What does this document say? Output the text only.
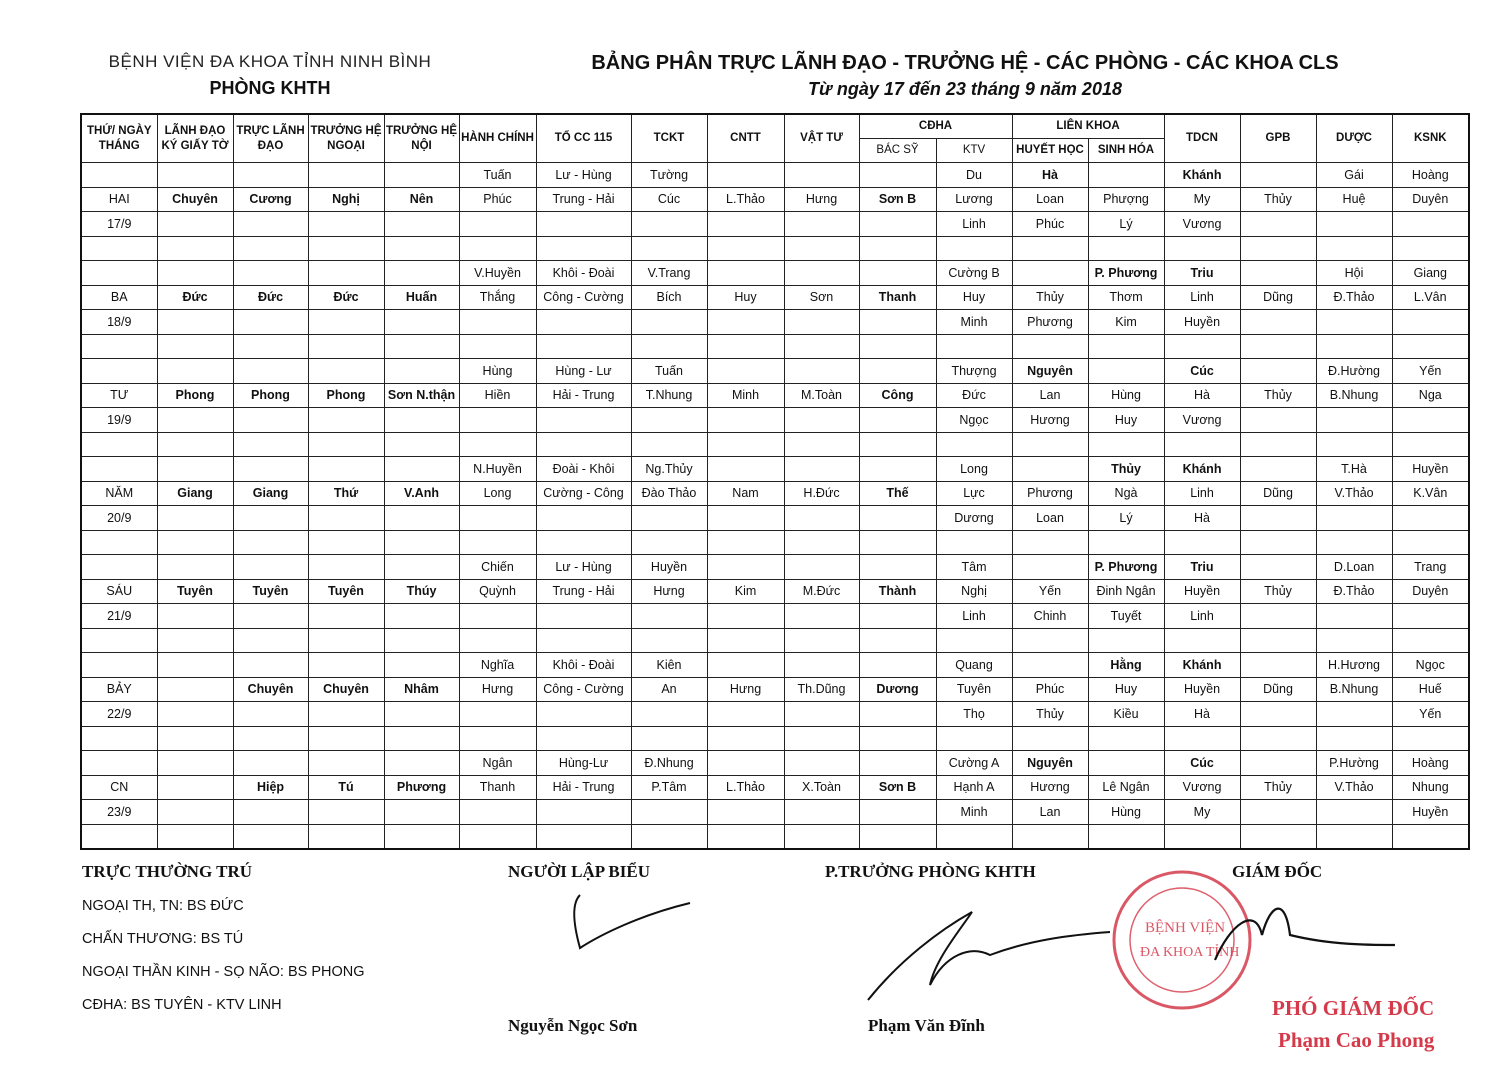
BỆNH VIỆN ĐA KHOA TỈNH NINH BÌNH
PHÒNG KHTH
BẢNG PHÂN TRỰC LÃNH ĐẠO - TRƯỞNG HỆ - CÁC PHÒNG - CÁC KHOA CLS
Từ ngày 17 đến 23 tháng 9 năm 2018
THỨ/ NGÀY THÁNG	LÃNH ĐẠO KÝ GIẤY TỜ	TRỰC LÃNH ĐẠO	TRƯỞNG HỆ NGOẠI	TRƯỞNG HỆ NỘI	HÀNH CHÍNH	TỔ CC 115	TCKT	CNTT	VẬT TƯ	CĐHA		LIÊN KHOA		TDCN	GPB	DƯỢC	KSNK
										BÁC SỸ	KTV	HUYẾT HỌC	SINH HÓA				
					Tuấn	Lư - Hùng	Tường				Du	Hà		Khánh		Gái	Hoàng
HAI	Chuyên	Cương	Nghị	Nên	Phúc	Trung - Hải	Cúc	L.Thảo	Hưng	Sơn B	Lương	Loan	Phượng	My	Thủy	Huệ	Duyên
17/9											Linh	Phúc	Lý	Vương			

					V.Huyền	Khôi - Đoài	V.Trang				Cường B		P. Phương	Triu		Hội	Giang
BA	Đức	Đức	Đức	Huấn	Thắng	Công - Cường	Bích	Huy	Sơn	Thanh	Huy	Thủy	Thơm	Linh	Dũng	Đ.Thảo	L.Vân
18/9											Minh	Phương	Kim	Huyền			

					Hùng	Hùng - Lư	Tuấn				Thượng	Nguyên		Cúc		Đ.Hường	Yến
TƯ	Phong	Phong	Phong	Sơn N.thận	Hiền	Hải - Trung	T.Nhung	Minh	M.Toàn	Công	Đức	Lan	Hùng	Hà	Thủy	B.Nhung	Nga
19/9											Ngọc	Hương	Huy	Vương			

					N.Huyền	Đoài - Khôi	Ng.Thủy				Long		Thủy	Khánh		T.Hà	Huyền
NĂM	Giang	Giang	Thứ	V.Anh	Long	Cường - Công	Đào Thảo	Nam	H.Đức	Thế	Lực	Phương	Ngà	Linh	Dũng	V.Thảo	K.Vân
20/9											Dương	Loan	Lý	Hà			

					Chiến	Lư - Hùng	Huyền				Tâm		P. Phương	Triu		D.Loan	Trang
SÁU	Tuyên	Tuyên	Tuyên	Thúy	Quỳnh	Trung - Hải	Hưng	Kim	M.Đức	Thành	Nghị	Yến	Đinh Ngân	Huyền	Thủy	Đ.Thảo	Duyên
21/9											Linh	Chinh	Tuyết	Linh			

					Nghĩa	Khôi - Đoài	Kiên				Quang		Hằng	Khánh		H.Hương	Ngọc
BẢY		Chuyên	Chuyên	Nhâm	Hưng	Công - Cường	An	Hưng	Th.Dũng	Dương	Tuyên	Phúc	Huy	Huyền	Dũng	B.Nhung	Huế
22/9											Thọ	Thủy	Kiều	Hà			Yến

					Ngân	Hùng-Lư	Đ.Nhung				Cường A	Nguyên		Cúc		P.Hường	Hoàng
CN		Hiệp	Tú	Phương	Thanh	Hải - Trung	P.Tâm	L.Thảo	X.Toàn	Sơn B	Hạnh A	Hương	Lê Ngân	Vương	Thủy	V.Thảo	Nhung
23/9											Minh	Lan	Hùng	My			Huyền

TRỰC THƯỜNG TRÚ
NGOẠI TH, TN: BS ĐỨC
CHẤN THƯƠNG: BS TÚ
NGOẠI THẦN KINH - SỌ NÃO: BS PHONG
CĐHA: BS TUYÊN - KTV LINH
NGƯỜI LẬP BIỂU
Nguyễn Ngọc Sơn
P.TRƯỞNG PHÒNG KHTH
Phạm Văn Đĩnh
GIÁM ĐỐC
BỆNH VIỆN
ĐA KHOA TỈNH
PHÓ GIÁM ĐỐC
Phạm Cao Phong
